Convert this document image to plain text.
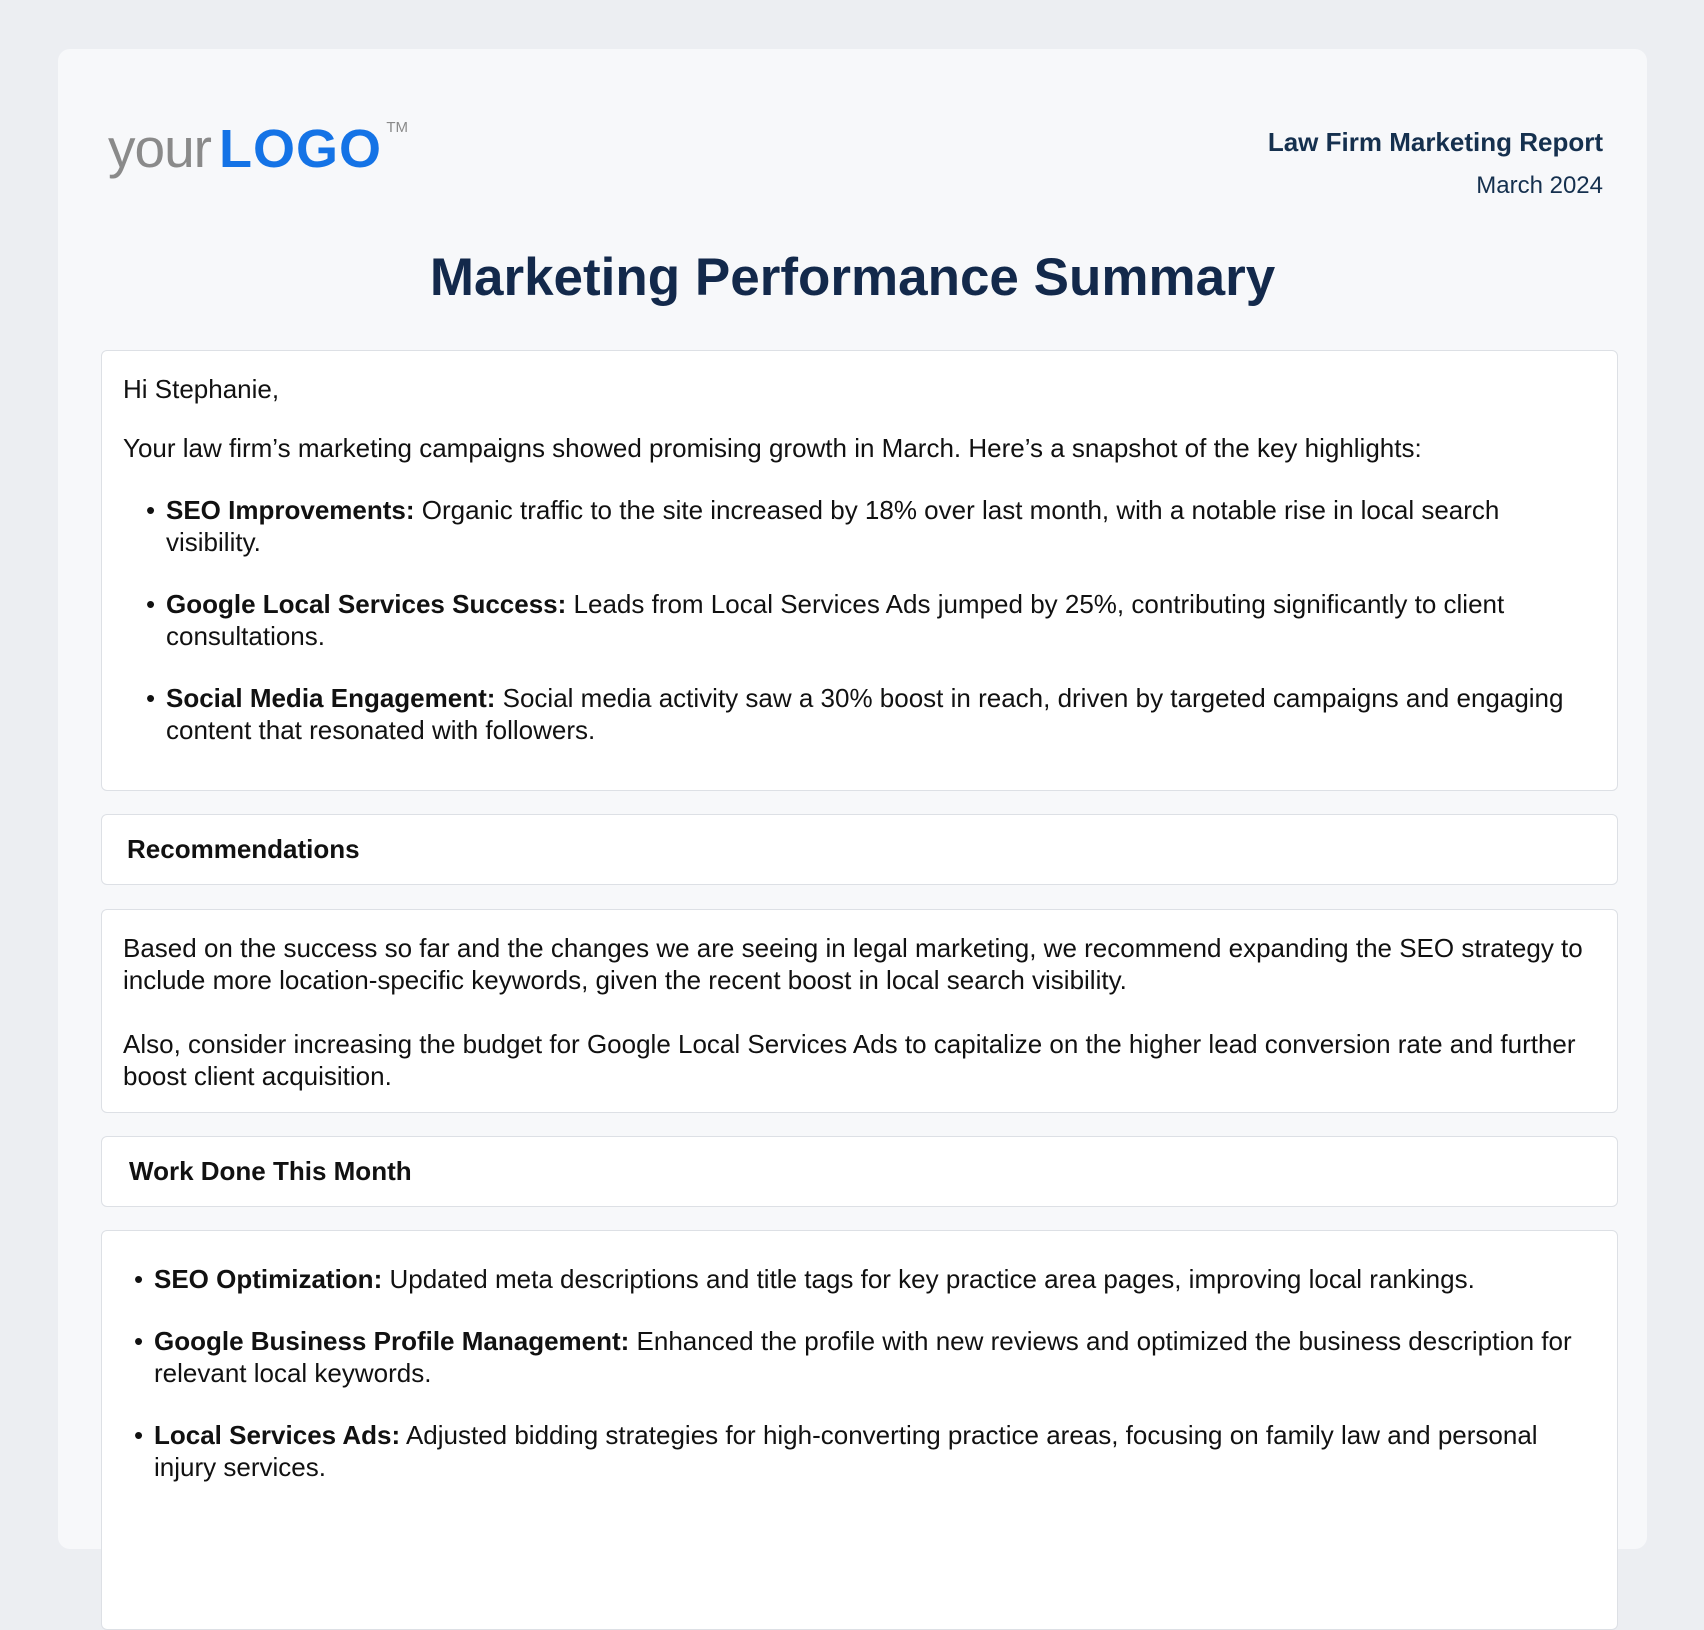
your LOGO TM	Law Firm Marketing Report
March 2024
Marketing Performance Summary

Hi Stephanie,

Your law firm’s marketing campaigns showed promising growth in March. Here’s a snapshot of the key highlights:

• SEO Improvements: Organic traffic to the site increased by 18% over last month, with a notable rise in local search visibility.
• Google Local Services Success: Leads from Local Services Ads jumped by 25%, contributing significantly to client consultations.
• Social Media Engagement: Social media activity saw a 30% boost in reach, driven by targeted campaigns and engaging content that resonated with followers.
Recommendations

Based on the success so far and the changes we are seeing in legal marketing, we recommend expanding the SEO strategy to include more location-specific keywords, given the recent boost in local search visibility.

Also, consider increasing the budget for Google Local Services Ads to capitalize on the higher lead conversion rate and further boost client acquisition.

Work Done This Month
• SEO Optimization: Updated meta descriptions and title tags for key practice area pages, improving local rankings.
• Google Business Profile Management: Enhanced the profile with new reviews and optimized the business description for relevant local keywords.
• Local Services Ads: Adjusted bidding strategies for high-converting practice areas, focusing on family law and personal injury services.
